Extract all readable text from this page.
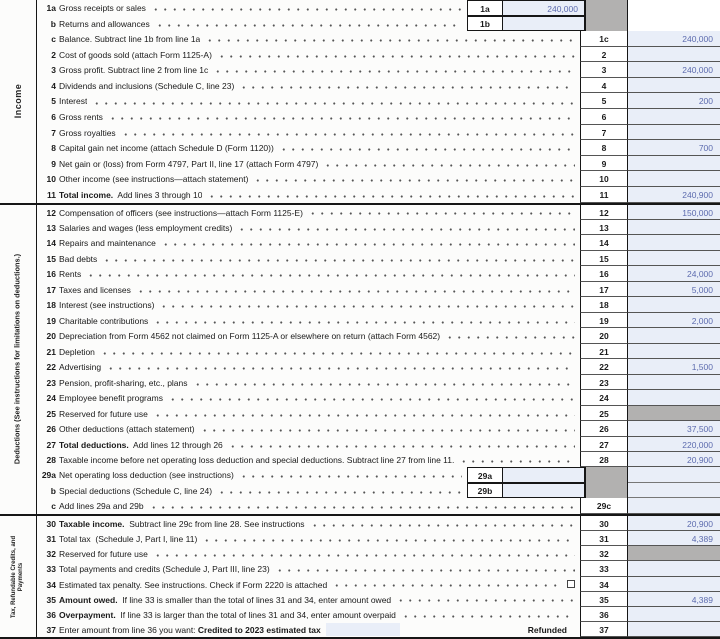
Income
1a Gross receipts or sales	1a	240,000
b Returns and allowances	1b
c Balance. Subtract line 1b from line 1a	1c	240,000
2 Cost of goods sold (attach Form 1125-A)	2
3 Gross profit. Subtract line 2 from line 1c	3	240,000
4 Dividends and inclusions (Schedule C, line 23)	4
5 Interest	5	200
6 Gross rents	6
7 Gross royalties	7
8 Capital gain net income (attach Schedule D (Form 1120))	8	700
9 Net gain or (loss) from Form 4797, Part II, line 17 (attach Form 4797)	9
10 Other income (see instructions—attach statement)	10
11 Total income.  Add lines 3 through 10	11	240,900
Deductions (See instructions for limitations on deductions.)
12 Compensation of officers (see instructions—attach Form 1125-E)	12	150,000
13 Salaries and wages (less employment credits)	13
14 Repairs and maintenance	14
15 Bad debts	15
16 Rents	16	24,000
17 Taxes and licenses	17	5,000
18 Interest (see instructions)	18
19 Charitable contributions	19	2,000
20 Depreciation from Form 4562 not claimed on Form 1125-A or elsewhere on return (attach Form 4562)	20
21 Depletion	21
22 Advertising	22	1,500
23 Pension, profit-sharing, etc., plans	23
24 Employee benefit programs	24
25 Reserved for future use	25
26 Other deductions (attach statement)	26	37,500
27 Total deductions.  Add lines 12 through 26	27	220,000
28 Taxable income before net operating loss deduction and special deductions. Subtract line 27 from line 11.	28	20,900
29a Net operating loss deduction (see instructions)	29a
b Special deductions (Schedule C, line 24)	29b
c Add lines 29a and 29b	29c
Tax, Refundable Credits, and Payments
30 Taxable income.  Subtract line 29c from line 28. See instructions	30	20,900
31 Total tax  (Schedule J, Part I, line 11)	31	4,389
32 Reserved for future use	32
33 Total payments and credits (Schedule J, Part III, line 23)	33
34 Estimated tax penalty. See instructions. Check if Form 2220 is attached	34
35 Amount owed.  If line 33 is smaller than the total of lines 31 and 34, enter amount owed	35	4,389
36 Overpayment.  If line 33 is larger than the total of lines 31 and 34, enter amount overpaid	36
37 Enter amount from line 36 you want: Credited to 2023 estimated tax	Refunded	37
